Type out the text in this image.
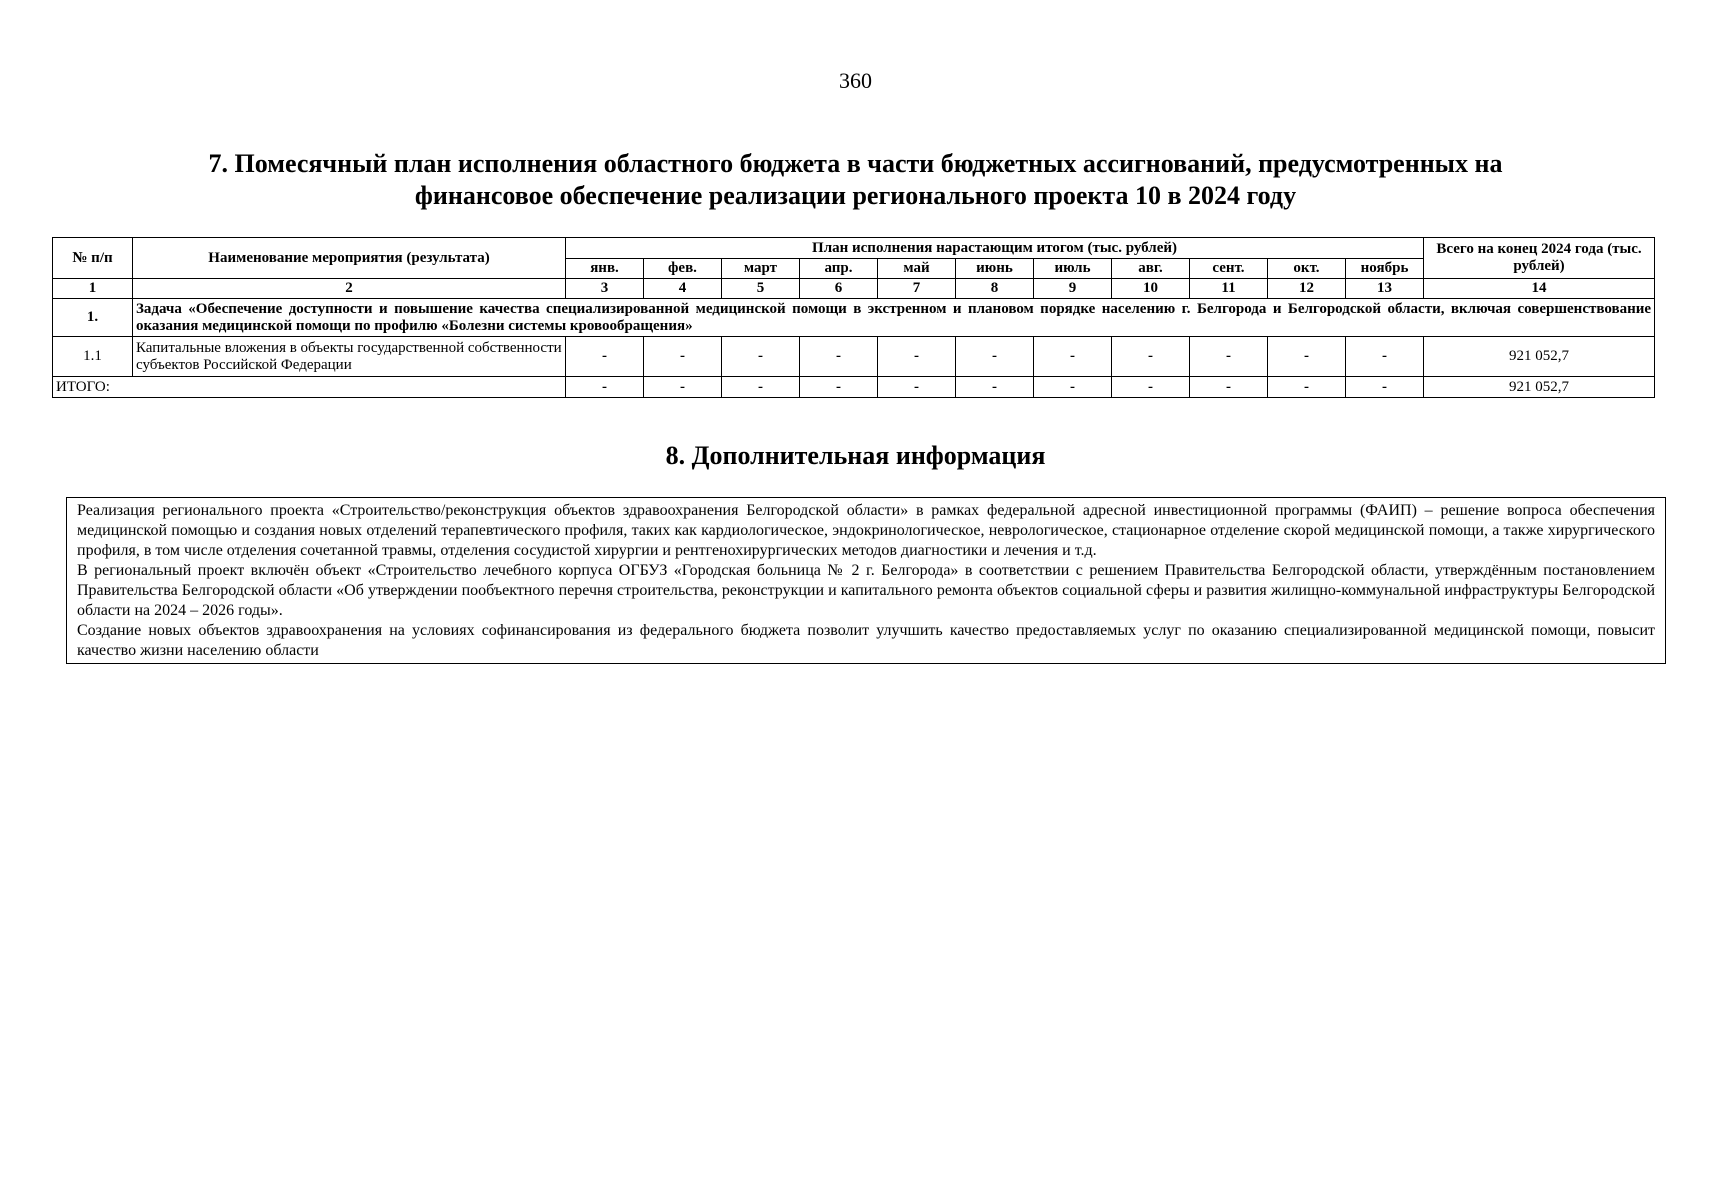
360
7. Помесячный план исполнения областного бюджета в части бюджетных ассигнований, предусмотренных на
финансовое обеспечение реализации регионального проекта 10 в 2024 году
№ п/п	Наименование мероприятия (результата)	План исполнения нарастающим итогом (тыс. рублей)											Всего на конец 2024 года (тыс. рублей)
		янв.	фев.	март	апр.	май	июнь	июль	авг.	сент.	окт.	ноябрь	
1	2	3	4	5	6	7	8	9	10	11	12	13	14
1.	Задача «Обеспечение доступности и повышение качества специализированной медицинской помощи в экстренном и плановом порядке населению г. Белгорода и Белгородской области, включая совершенствование оказания медицинской помощи по профилю «Болезни системы кровообращения»												
1.1	Капитальные вложения в объекты государственной собственности субъектов Российской Федерации	-	-	-	-	-	-	-	-	-	-	-	921 052,7
ИТОГО:		-	-	-	-	-	-	-	-	-	-	-	921 052,7
8. Дополнительная информация

Реализация регионального проекта «Строительство/реконструкция объектов здравоохранения Белгородской области» в рамках федеральной адресной инвестиционной программы (ФАИП) – решение вопроса обеспечения медицинской помощью и создания новых отделений терапевтического профиля, таких как кардиологическое, эндокринологическое, неврологическое, стационарное отделение скорой медицинской помощи, а также хирургического профиля, в том числе отделения сочетанной травмы, отделения сосудистой хирургии и рентгенохирургических методов диагностики и лечения и т.д.

В региональный проект включён объект «Строительство лечебного корпуса ОГБУЗ «Городская больница № 2 г. Белгорода» в соответствии с решением Правительства Белгородской области, утверждённым постановлением Правительства Белгородской области «Об утверждении пообъектного перечня строительства, реконструкции и капитального ремонта объектов социальной сферы и развития жилищно-коммунальной инфраструктуры Белгородской области на 2024 – 2026 годы».

Создание новых объектов здравоохранения на условиях софинансирования из федерального бюджета позволит улучшить качество предоставляемых услуг по оказанию специализированной медицинской помощи, повысит качество жизни населению области
